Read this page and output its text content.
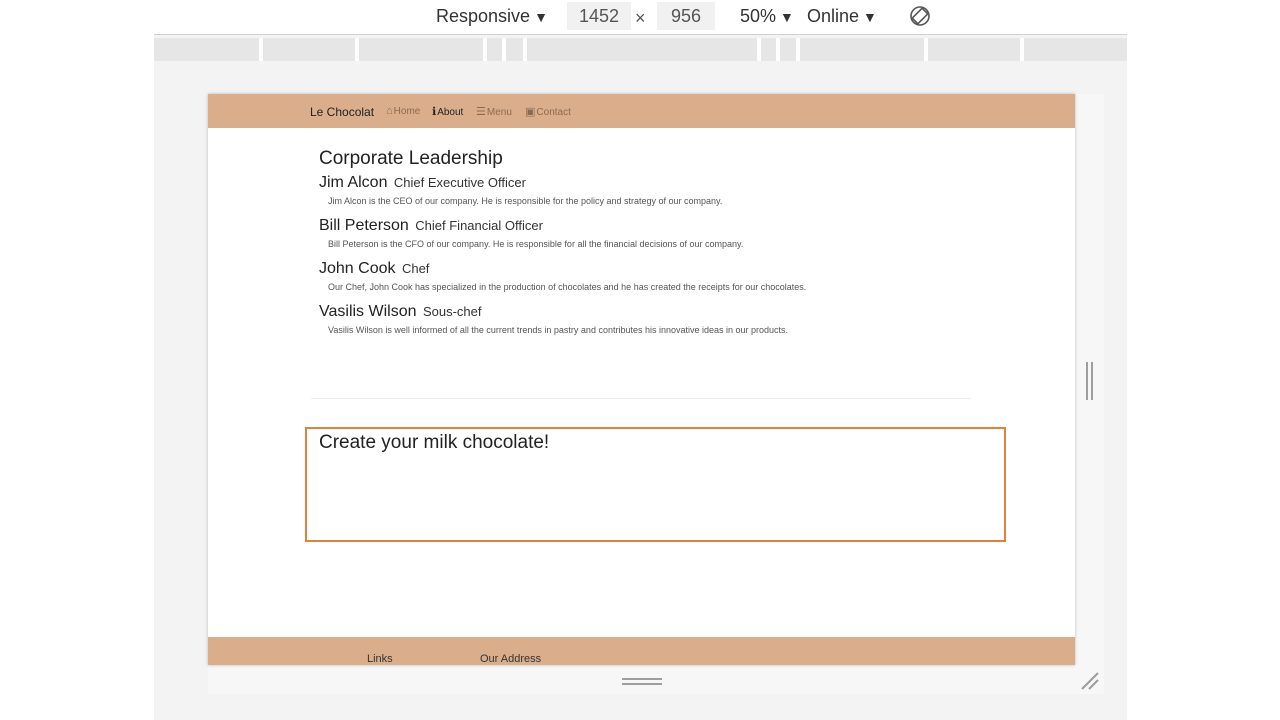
Responsive ▼	1452 ×	956	50% ▼ Online ▼
Le Chocolat ⌂Home ℹAbout ☰Menu ▣Contact
Corporate Leadership
Jim Alcon Chief Executive Officer
Jim Alcon is the CEO of our company. He is responsible for the policy and strategy of our company.
Bill Peterson Chief Financial Officer
Bill Peterson is the CFO of our company. He is responsible for all the financial decisions of our company.
John Cook Chef
Our Chef, John Cook has specialized in the production of chocolates and he has created the receipts for our chocolates.
Vasilis Wilson Sous-chef
Vasilis Wilson is well informed of all the current trends in pastry and contributes his innovative ideas in our products.
Create your milk chocolate!
Links	Our Address
